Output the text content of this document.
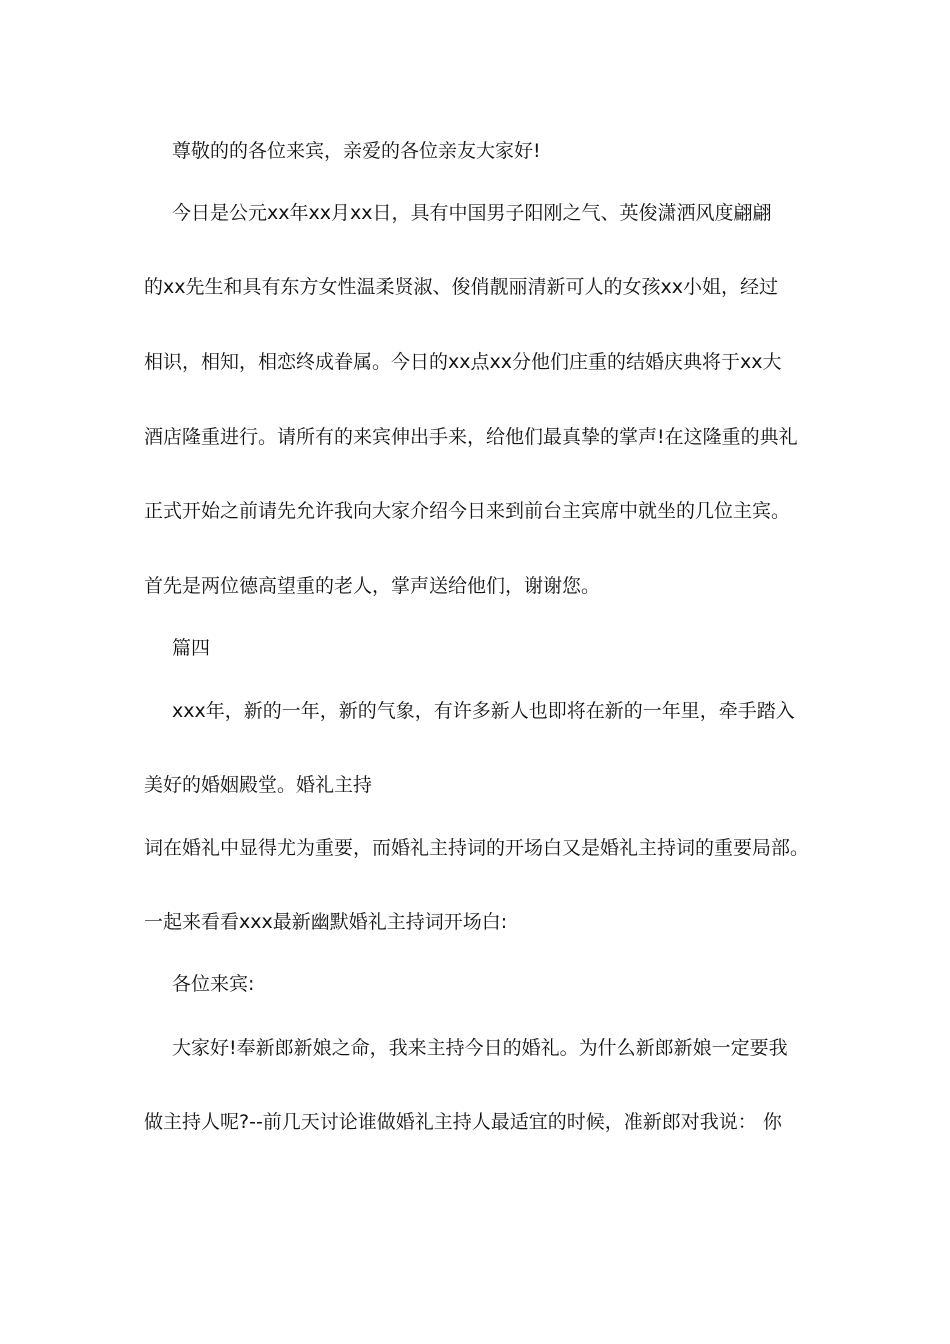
尊敬的的各位来宾，亲爱的各位亲友大家好!
今日是公元xx年xx月xx日，具有中国男子阳刚之气、英俊潇洒风度翩翩
的xx先生和具有东方女性温柔贤淑、俊俏靓丽清新可人的女孩xx小姐，经过
相识，相知，相恋终成眷属。今日的xx点xx分他们庄重的结婚庆典将于xx大
酒店隆重进行。请所有的来宾伸出手来，给他们最真挚的掌声!在这隆重的典礼
正式开始之前请先允许我向大家介绍今日来到前台主宾席中就坐的几位主宾。
首先是两位德高望重的老人，掌声送给他们，谢谢您。
篇四
xxx年，新的一年，新的气象，有许多新人也即将在新的一年里，牵手踏入
美好的婚姻殿堂。婚礼主持
词在婚礼中显得尤为重要，而婚礼主持词的开场白又是婚礼主持词的重要局部。
一起来看看xxx最新幽默婚礼主持词开场白:
各位来宾:
大家好!奉新郎新娘之命，我来主持今日的婚礼。为什么新郎新娘一定要我
做主持人呢?--前几天讨论谁做婚礼主持人最适宜的时候，准新郎对我说： 你
